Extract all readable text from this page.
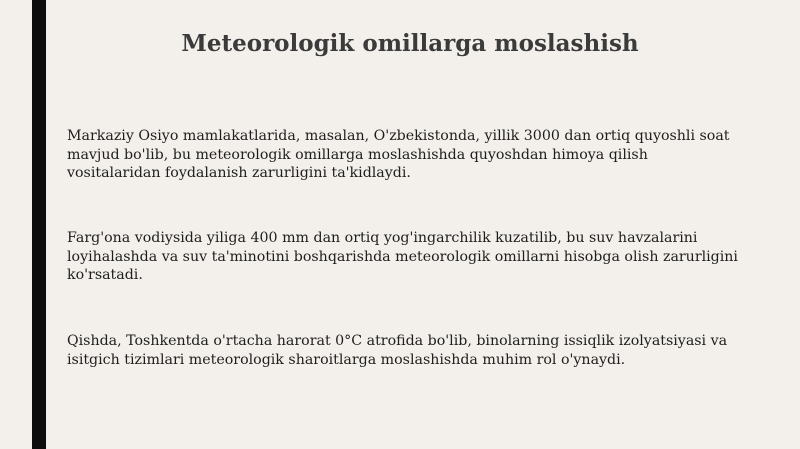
Meteorologik omillarga moslashish
Markaziy Osiyo mamlakatlarida, masalan, O'zbekistonda, yillik 3000 dan ortiq quyoshli soat
mavjud bo'lib, bu meteorologik omillarga moslashishda quyoshdan himoya qilish
vositalaridan foydalanish zarurligini ta'kidlaydi.
Farg'ona vodiysida yiliga 400 mm dan ortiq yog'ingarchilik kuzatilib, bu suv havzalarini
loyihalashda va suv ta'minotini boshqarishda meteorologik omillarni hisobga olish zarurligini
ko'rsatadi.
Qishda, Toshkentda o'rtacha harorat 0°C atrofida bo'lib, binolarning issiqlik izolyatsiyasi va
isitgich tizimlari meteorologik sharoitlarga moslashishda muhim rol o'ynaydi.
